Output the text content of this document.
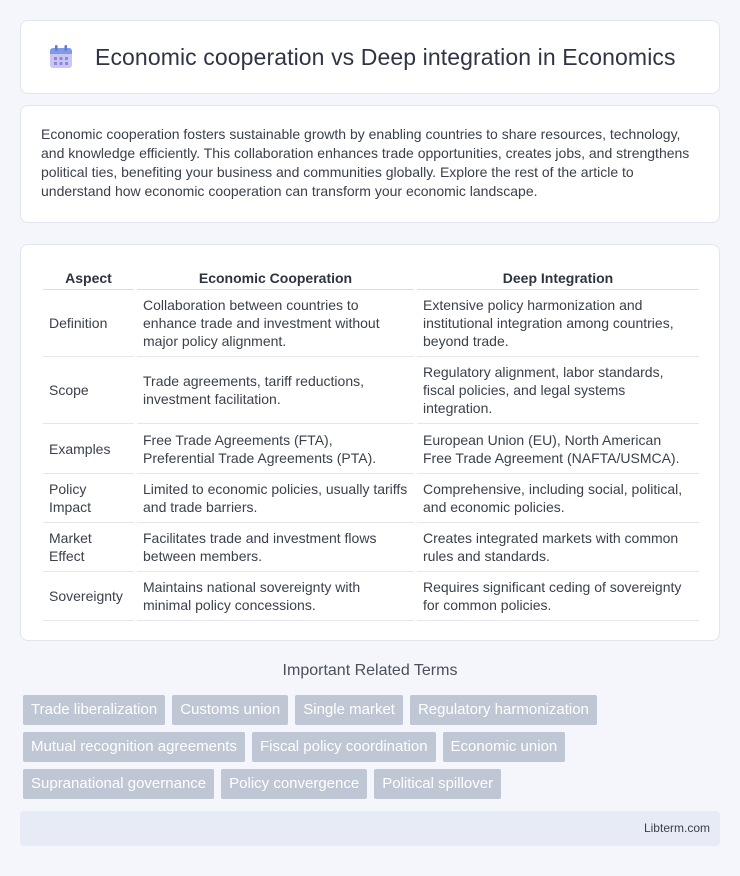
Economic cooperation vs Deep integration in Economics

Economic cooperation fosters sustainable growth by enabling countries to share resources, technology, and knowledge efficiently. This collaboration enhances trade opportunities, creates jobs, and strengthens political ties, benefiting your business and communities globally. Explore the rest of the article to understand how economic cooperation can transform your economic landscape.

Aspect	Economic Cooperation	Deep Integration
Definition	Collaboration between countries to enhance trade and investment without major policy alignment.	Extensive policy harmonization and institutional integration among countries, beyond trade.
Scope	Trade agreements, tariff reductions, investment facilitation.	Regulatory alignment, labor standards, fiscal policies, and legal systems integration.
Examples	Free Trade Agreements (FTA), Preferential Trade Agreements (PTA).	European Union (EU), North American Free Trade Agreement (NAFTA/USMCA).
Policy Impact	Limited to economic policies, usually tariffs and trade barriers.	Comprehensive, including social, political, and economic policies.
Market Effect	Facilitates trade and investment flows between members.	Creates integrated markets with common rules and standards.
Sovereignty	Maintains national sovereignty with minimal policy concessions.	Requires significant ceding of sovereignty for common policies.
Important Related Terms
Trade liberalization	Customs union	Single market	Regulatory harmonization
Mutual recognition agreements	Fiscal policy coordination	Economic union
Supranational governance	Policy convergence	Political spillover
Libterm.com
